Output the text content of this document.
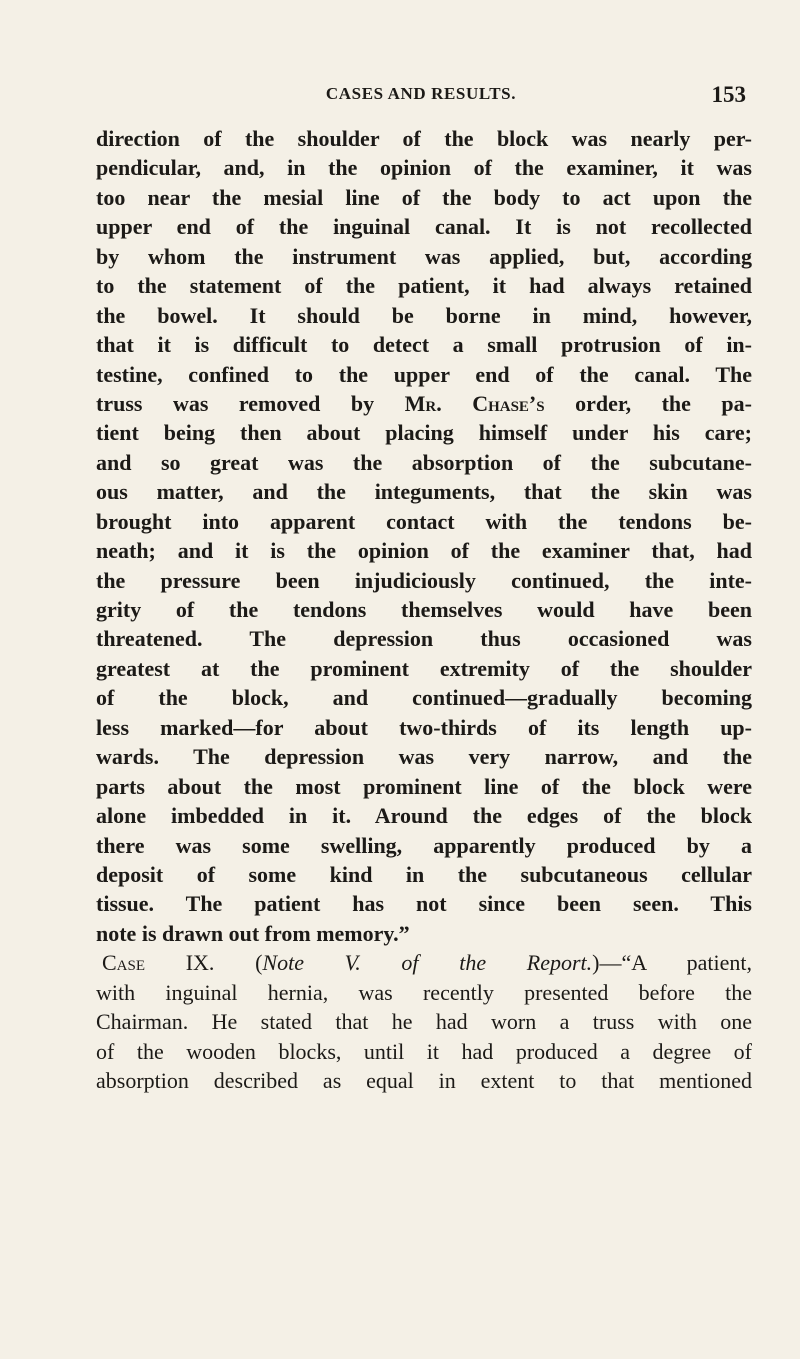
CASES AND RESULTS.	153
direction of the shoulder of the block was nearly per-
pendicular, and, in the opinion of the examiner, it was
too near the mesial line of the body to act upon the
upper end of the inguinal canal. It is not recollected
by whom the instrument was applied, but, according
to the statement of the patient, it had always retained
the bowel. It should be borne in mind, however,
that it is difficult to detect a small protrusion of in-
testine, confined to the upper end of the canal. The
truss was removed by Mr. Chase’s order, the pa-
tient being then about placing himself under his care;
and so great was the absorption of the subcutane-
ous matter, and the integuments, that the skin was
brought into apparent contact with the tendons be-
neath; and it is the opinion of the examiner that, had
the pressure been injudiciously continued, the inte-
grity of the tendons themselves would have been
threatened. The depression thus occasioned was
greatest at the prominent extremity of the shoulder
of the block, and continued—gradually becoming
less marked—for about two-thirds of its length up-
wards. The depression was very narrow, and the
parts about the most prominent line of the block were
alone imbedded in it. Around the edges of the block
there was some swelling, apparently produced by a
deposit of some kind in the subcutaneous cellular
tissue. The patient has not since been seen. This
note is drawn out from memory.”
Case IX. (Note V. of the Report.)—“A patient,
with inguinal hernia, was recently presented before the
Chairman. He stated that he had worn a truss with one
of the wooden blocks, until it had produced a degree of
absorption described as equal in extent to that mentioned
